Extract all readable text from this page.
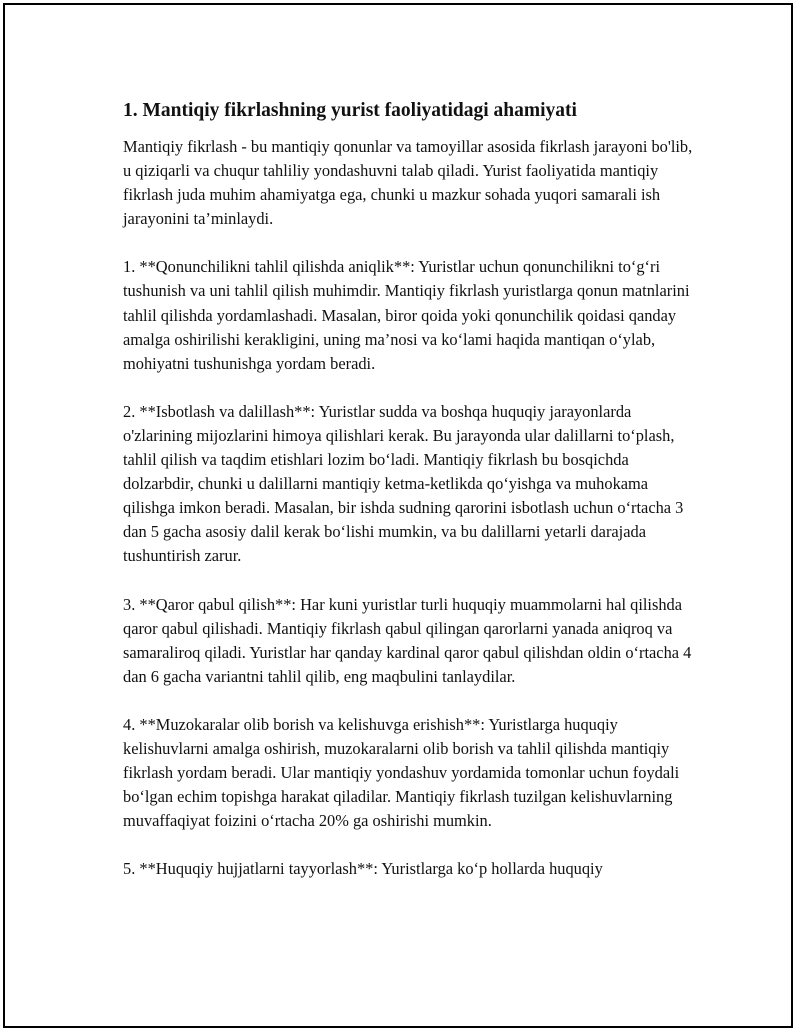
1. Mantiqiy fikrlashning yurist faoliyatidagi ahamiyati

Mantiqiy fikrlash - bu mantiqiy qonunlar va tamoyillar asosida fikrlash jarayoni bo'lib, u qiziqarli va chuqur tahliliy yondashuvni talab qiladi. Yurist faoliyatida mantiqiy fikrlash juda muhim ahamiyatga ega, chunki u mazkur sohada yuqori samarali ish jarayonini ta’minlaydi.

1. **Qonunchilikni tahlil qilishda aniqlik**: Yuristlar uchun qonunchilikni to‘g‘ri tushunish va uni tahlil qilish muhimdir. Mantiqiy fikrlash yuristlarga qonun matnlarini tahlil qilishda yordamlashadi. Masalan, biror qoida yoki qonunchilik qoidasi qanday amalga oshirilishi kerakligini, uning ma’nosi va ko‘lami haqida mantiqan o‘ylab, mohiyatni tushunishga yordam beradi.

2. **Isbotlash va dalillash**: Yuristlar sudda va boshqa huquqiy jarayonlarda o'zlarining mijozlarini himoya qilishlari kerak. Bu jarayonda ular dalillarni to‘plash, tahlil qilish va taqdim etishlari lozim bo‘ladi. Mantiqiy fikrlash bu bosqichda dolzarbdir, chunki u dalillarni mantiqiy ketma-ketlikda qo‘yishga va muhokama qilishga imkon beradi. Masalan, bir ishda sudning qarorini isbotlash uchun o‘rtacha 3 dan 5 gacha asosiy dalil kerak bo‘lishi mumkin, va bu dalillarni yetarli darajada tushuntirish zarur.

3. **Qaror qabul qilish**: Har kuni yuristlar turli huquqiy muammolarni hal qilishda qaror qabul qilishadi. Mantiqiy fikrlash qabul qilingan qarorlarni yanada aniqroq va samaraliroq qiladi. Yuristlar har qanday kardinal qaror qabul qilishdan oldin o‘rtacha 4 dan 6 gacha variantni tahlil qilib, eng maqbulini tanlaydilar.

4. **Muzokaralar olib borish va kelishuvga erishish**: Yuristlarga huquqiy kelishuvlarni amalga oshirish, muzokaralarni olib borish va tahlil qilishda mantiqiy fikrlash yordam beradi. Ular mantiqiy yondashuv yordamida tomonlar uchun foydali bo‘lgan echim topishga harakat qiladilar. Mantiqiy fikrlash tuzilgan kelishuvlarning muvaffaqiyat foizini o‘rtacha 20% ga oshirishi mumkin.

5. **Huquqiy hujjatlarni tayyorlash**: Yuristlarga ko‘p hollarda huquqiy
